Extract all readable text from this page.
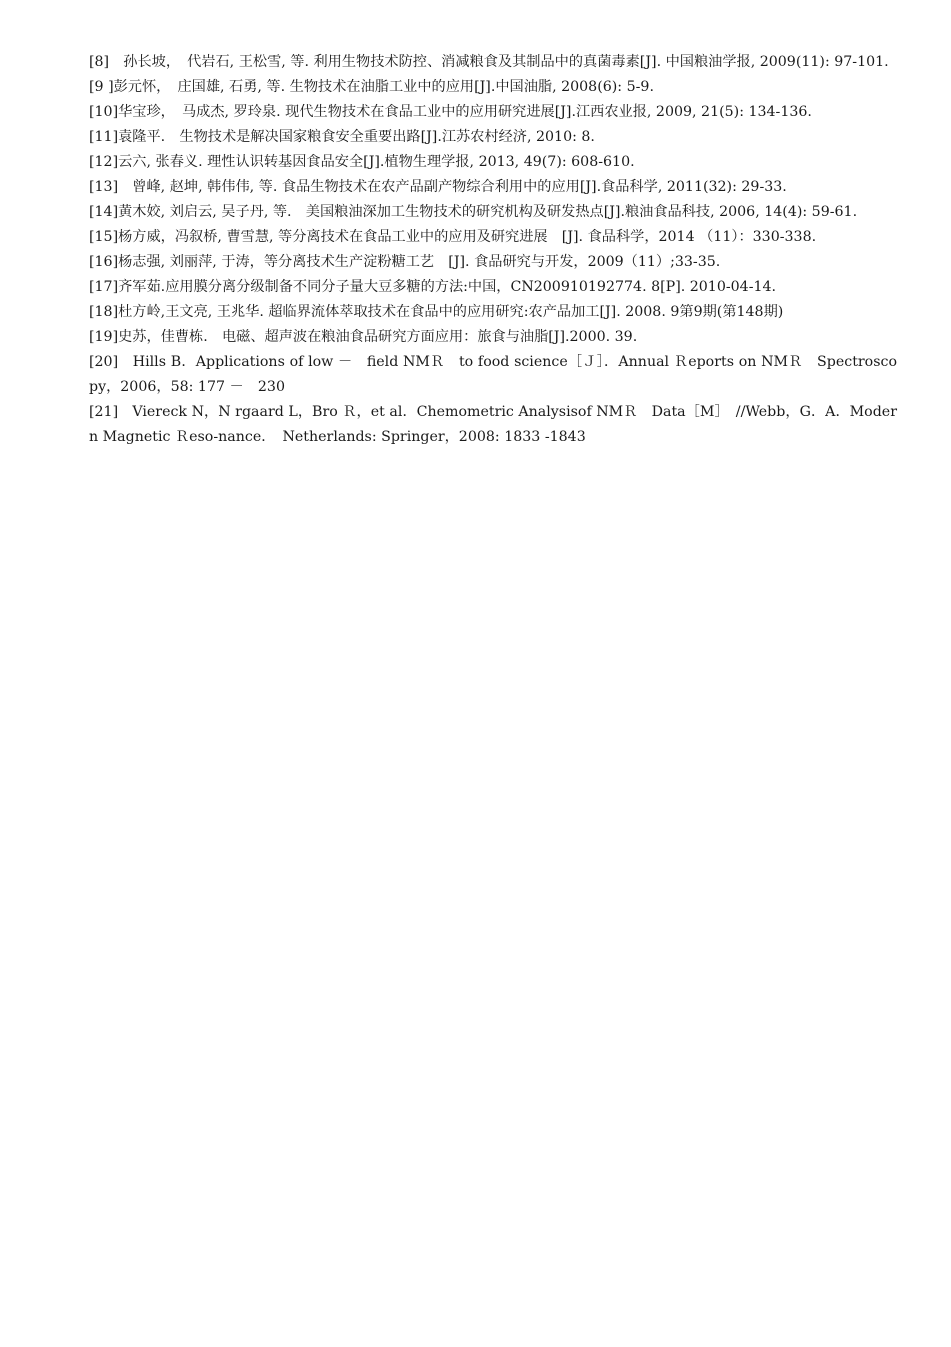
[8]　孙长坡，　代岩石, 王松雪, 等. 利用生物技术防控、消减粮食及其制品中的真菌毒素[J]. 中国粮油学报, 2009(11): 97-101.

[9 ]彭元怀，　庄国雄, 石勇, 等. 生物技术在油脂工业中的应用[J].中国油脂, 2008(6): 5-9.

[10]华宝珍，　马成杰, 罗玲泉. 现代生物技术在食品工业中的应用研究进展[J].江西农业报, 2009, 21(5): 134-136.

[11]袁隆平.　生物技术是解决国家粮食安全重要出路[J].江苏农村经济, 2010: 8.

[12]云六, 张春义. 理性认识转基因食品安全[J].植物生理学报, 2013, 49(7): 608-610.

[13]　曾峰, 赵坤, 韩伟伟, 等. 食品生物技术在农产品副产物综合利用中的应用[J].食品科学, 2011(32): 29-33.

[14]黄木姣, 刘启云, 吴子丹, 等.　美国粮油深加工生物技术的研究机构及研发热点[J].粮油食品科技, 2006, 14(4): 59-61.

[15]杨方威，冯叙桥, 曹雪慧, 等分离技术在食品工业中的应用及研究进展　[J]. 食品科学，2014 （11）：330-338.

[16]杨志强, 刘丽萍, 于涛，等分离技术生产淀粉糖工艺　[J]. 食品研究与开发，2009（11）;33-35.

[17]齐军茹.应用膜分离分级制备不同分子量大豆多糖的方法:中国，CN200910192774. 8[P]. 2010-04-14.

[18]杜方岭,王文亮, 王兆华. 超临界流体萃取技术在食品中的应用研究:农产品加工[J]. 2008. 9第9期(第148期)

[19]史苏，佳曹栋.　电磁、超声波在粮油食品研究方面应用：旅食与油脂[J].2000. 39.

[20]　Hills B．Applications of low －　field NMＲ　to food science［Ｊ］．Annual Ｒeports on NMＲ　Spectroscopy，2006，58: 177 －　230

[21]　Viereck N，N rgaard L，Bro Ｒ，et al．Chemometric Analysisof NMＲ　Data［M］　//Webb，G．A．Modern Magnetic Ｒeso-nance．　Netherlands: Springer，2008: 1833 -1843
